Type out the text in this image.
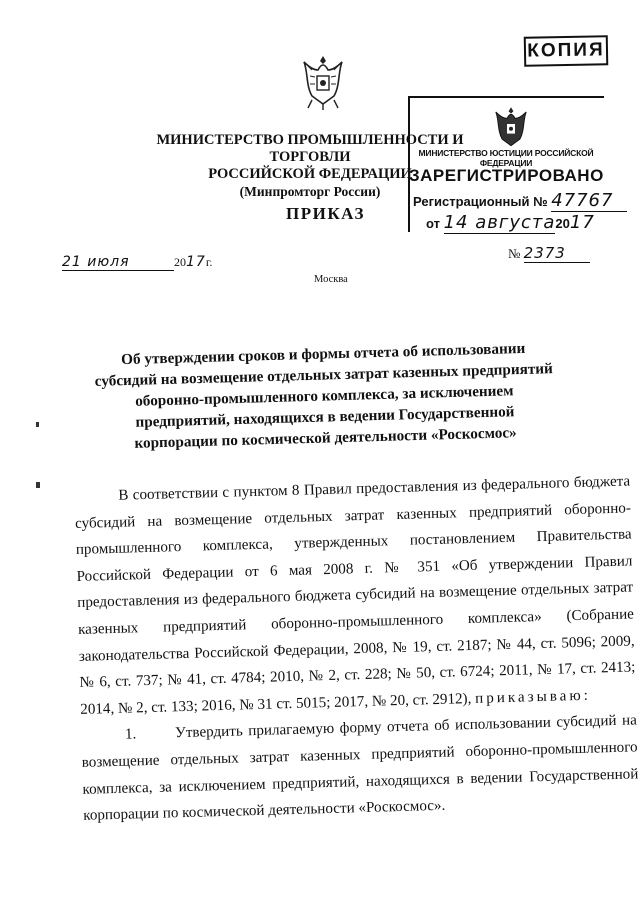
КОПИЯ
МИНИСТЕРСТВО ПРОМЫШЛЕННОСТИ И ТОРГОВЛИ
РОССИЙСКОЙ ФЕДЕРАЦИИ
(Минпромторг России)
МИНИСТЕРСТВО ЮСТИЦИИ РОССИЙСКОЙ ФЕДЕРАЦИИ
ЗАРЕГИСТРИРОВАНО
Регистрационный № 47767
от 14 августа2017
ПРИКАЗ
21 июля	2017г.
№ 2373
Москва
Об утверждении сроков и формы отчета об использовании субсидий на возмещение отдельных затрат казенных предприятий оборонно-промышленного комплекса, за исключением предприятий, находящихся в ведении Государственной корпорации по космической деятельности «Роскосмос»

В соответствии с пунктом 8 Правил предоставления из федерального бюджета субсидий на возмещение отдельных затрат казенных предприятий оборонно-промышленного комплекса, утвержденных постановлением Правительства Российской Федерации от 6 мая 2008 г. № 351 «Об утверждении Правил предоставления из федерального бюджета субсидий на возмещение отдельных затрат казенных предприятий оборонно-промышленного комплекса» (Собрание законодательства Российской Федерации, 2008, № 19, ст. 2187; № 44, ст. 5096; 2009, № 6, ст. 737; № 41, ст. 4784; 2010, № 2, ст. 228; № 50, ст. 6724; 2011, № 17, ст. 2413; 2014, № 2, ст. 133; 2016, № 31 ст. 5015; 2017, № 20, ст. 2912), приказываю:

1.	Утвердить прилагаемую форму отчета об использовании субсидий на возмещение отдельных затрат казенных предприятий оборонно-промышленного комплекса, за исключением предприятий, находящихся в ведении Государственной корпорации по космической деятельности «Роскосмос».
